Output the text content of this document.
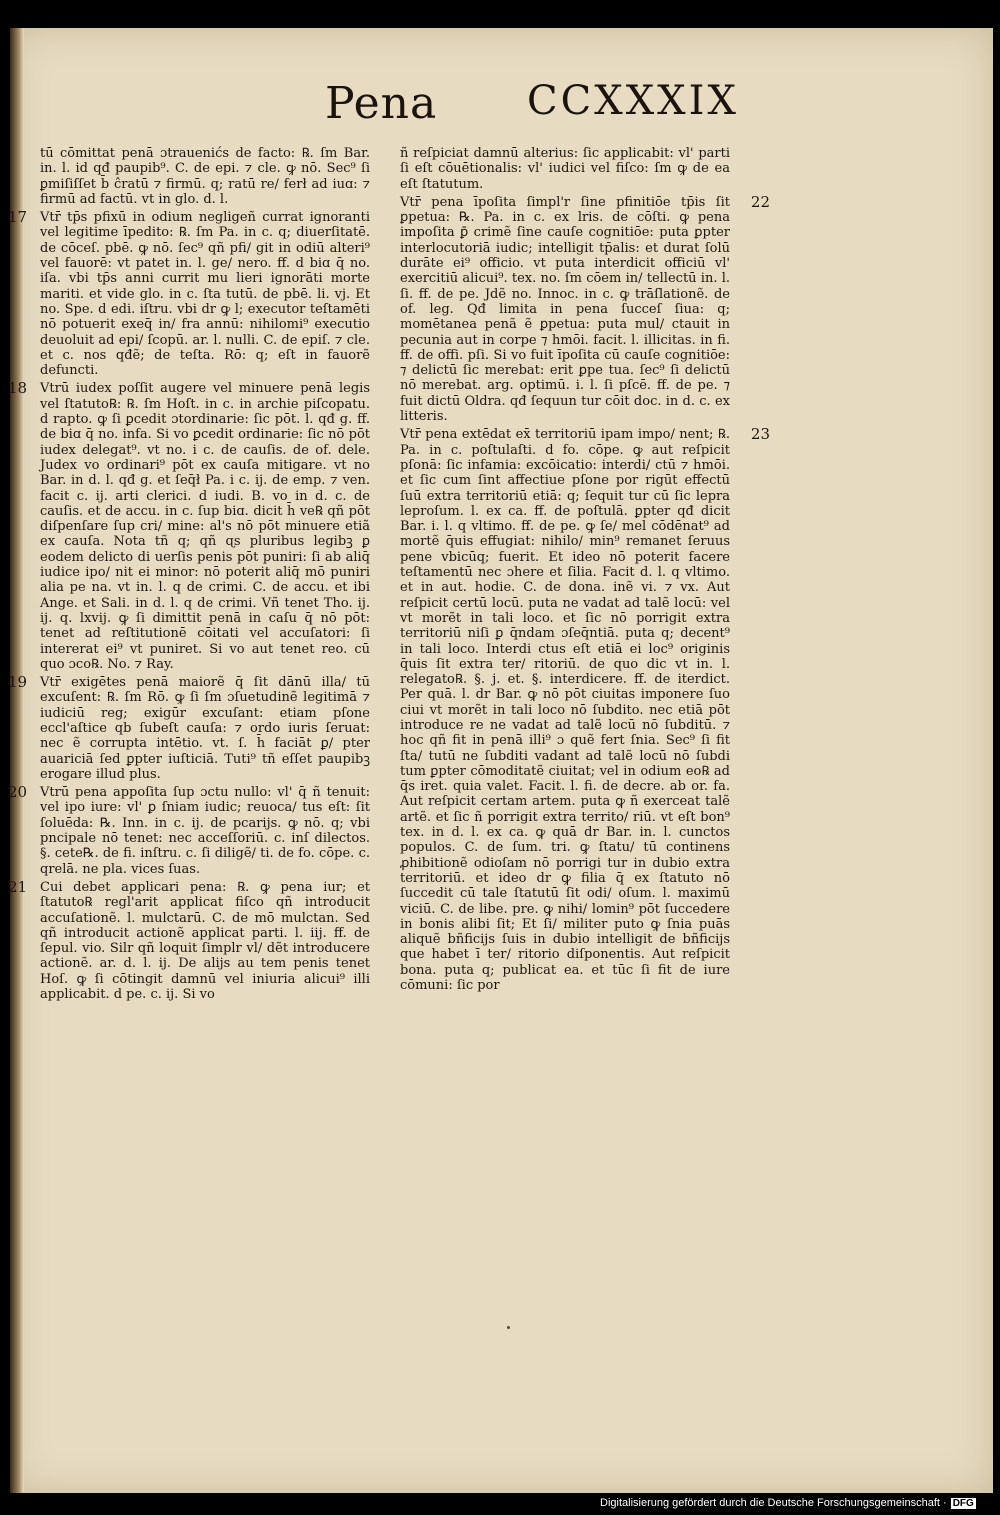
Pena CCXXXIX

tū cōmittat penā ɔtrauenićs de facto: ℞. ſm Bar. in. l. id qđ paupib⁹. C. de epi. ⁊ cle. ꝙ nō. Sec⁹ ſi ꝑmiſiſſet b̄ ĉratū ⁊ firmū. q; ratū re/ ferł ad iuɑ: ⁊ firmū ad factū. vt in glo. d. l.

17 Vtr̄ tp̄s pfixū in odium negligeñ currat ignoranti vel legitime īpedito: ℞. ſm Pa. in c. q; diuerſitatē. de cōceſ. pbē. ꝙ nō. ſec⁹ qñ pfi/ git in odiū alteri⁹ vel fauorē: vt patet in. l. ge/ nero. ff. d biɑ q̄ no. iſa. vbi tp̄s anni currit mu lieri ignorāti morte mariti. et vide glo. in c. ſta tutū. de pbē. li. vj. Et no. Spe. d edi. iſtru. vbi dr ꝙ l; executor teſtamēti nō potuerit exeq̄ in/ fra annū: nihilomi⁹ executio deuoluit ad epi/ ſcopū. ar. l. nulli. C. de epiſ. ⁊ cle. et c. nos qđẽ; de teſta. Rō: q; eſt in fauorẽ defuncti.

18 Vtrū iudex poſſit augere vel minuere penā legis vel ſtatuto℞: ℞. ſm Hoſt. in c. in archie piſcopatu. d rapto. ꝙ ſi ꝑcedit ɔtordinarie: ſic pōt. l. qđ g. ff. de biɑ q̄ no. infa. Si vo ꝑcedit ordinarie: ſic nō pōt iudex delegat⁹. vt no. i c. de cauſis. de of. dele. Judex vo ordinari⁹ pōt ex cauſa mitigare. vt no Bar. in d. l. qđ g. et ſeq̄ł Pa. i c. ij. de emp. ⁊ ven. facit c. ij. arti clerici. d iudi. B. vo in d. c. de cauſis. et de accu. in c. ſup biɑ. dicit h̄ ve℞ qñ pōt diſpenſare ſup cri/ mine: al's nō pōt minuere etiã ex cauſa. Nota tñ q; qñ ɋs pluribus legibꝫ ꝑ eodem delicto di uerſis penis pōt puniri: ſi ab aliq̄ iudice ipo/ nit ei minor: nō poterit aliq̄ mō puniri alia pe na. vt in. l. q de crimi. C. de accu. et ibi Ange. et Sali. in d. l. q de crimi. Vñ tenet Tho. ij. ij. q. lxvij. ꝙ ſi dimittit penā in caſu q̄ nō pōt: tenet ad reſtitutionē cōitati vel accuſatori: ſi intererat ei⁹ vt puniret. Si vo aut tenet reo. cū quo ɔco℞. No. ⁊ Ray.

19 Vtr̄ exigētes penā maiorẽ q̄ ſit dānū illa/ tū excuſent: ℞. ſm Rō. ꝙ ſi ſm ɔſuetudinẽ legitimā ⁊ iudiciū reg; exigūr excuſant: etiam pſone eccl'aſtice qb ſubeſt cauſa: ⁊ ordo iuris ſeruat: nec ẽ corrupta intētio. vt. ſ. h̄ faciāt ꝑ/ pter auariciā ſed ꝑpter iuſticiā. Tuti⁹ tñ eſſet paupibꝫ erogare illud plus.

20 Vtrū pena appoſita ſup ɔctu nullo: vl' q̄ ñ tenuit: vel ipo iure: vl' ꝑ ſniam iudic; reuoca/ tus eſt: ſit ſoluēda: ℞. Inn. in c. ij. de pcarijs. ꝙ nō. q; vbi pncipale nō tenet: nec acceſſoriū. c. inſ dilectos. §. cete℞. de fi. inſtru. c. ſi diligẽ/ ti. de fo. cōpe. c. qrelā. ne pla. vices ſuas.

21 Cui debet applicari pena: ℞. ꝙ pena iur; et ſtatuto℞ regl'arit applicat fiſco qñ introducit accuſationẽ. l. mulctarū. C. de mō mulctan. Sed qñ introducit actionẽ applicat parti. l. iij. ff. de ſepul. vio. Silr qñ loquit ſimplr vl/ dẽt introducere actionẽ. ar. d. l. ij. De alijs au tem penis tenet Hoſ. ꝙ ſi cōtingit damnū vel iniuria alicui⁹ illi applicabit. d pe. c. ij. Si vo

ñ reſpiciat damnū alterius: ſic applicabit: vl' parti ſi eſt cōuētionalis: vl' iudici vel fiſco: ſm ꝙ de ea eſt ſtatutum.

22
Vtr̄ pena īpoſita ſimpl'r ſine pfinitiōe tp̄is ſit ꝑpetua: ℞. Pa. in c. ex lris. de cōſti. ꝙ pena impoſita ꝑ̄ crimẽ ſine cauſe cognitiōe: puta ꝑpter interlocutoriā iudic; intelligit tp̄alis: et durat ſolū durāte ei⁹ officio. vt puta interdicit officiū vl' exercitiū alicui⁹. tex. no. ſm cōem in/ tellectū in. l. ſi. ff. de pe. Jdẽ no. Innoc. in c. ꝙ trāſlationẽ. de of. leg. Qđ limita in pena ſucceſ ſiua: q; momētanea penã ẽ ꝑpetua: puta mul/ ctauit in pecunia aut in corpe ⁊ hmōi. facit. l. illicitas. in fi. ff. de offi. pſi. Si vo fuit īpoſita cū cauſe cognitiōe: ⁊ delictū ſic merebat: erit ꝑpe tua. ſec⁹ ſi delictū nō merebat. arg. optimū. i. l. ſi pſcē. ff. de pe. ⁊ fuit dictū Oldra. qđ ſequun tur cōit doc. in d. c. ex litteris.

23
Vtr̄ pena extēdat ex̄ territoriū ipam impo/ nent; ℞. Pa. in c. poſtulaſti. d fo. cōpe. ꝙ aut reſpicit pſonā: ſic infamia: excōicatio: interdi/ ctū ⁊ hmōi. et ſic cum ſint affectiue pſone por rigūt effectū ſuū extra territoriū etiā: q; ſequit tur cū ſic lepra leproſum. l. ex ca. ff. de poſtulā. ꝑpter qđ dicit Bar. i. l. q vltimo. ff. de pe. ꝙ ſe/ mel cōdēnat⁹ ad mortẽ q̄uis effugiat: nihilo/ min⁹ remanet ſeruus pene vbicūq; fuerit. Et ideo nō poterit facere teſtamentū nec ɔhere et ſilia. Facit d. l. q vltimo. et in aut. hodie. C. de dona. inẽ vi. ⁊ vx. Aut reſpicit certū locū. puta ne vadat ad talẽ locū: vel vt morẽt in tali loco. et ſic nō porrigit extra territoriū niſi ꝑ q̄ndam ɔſeq̄ntiā. puta q; decent⁹ in tali loco. Interdi ctus eſt etiā ei loc⁹ originis q̄uis ſit extra ter/ ritoriū. de quo dic vt in. l. relegato℞. §. j. et. §. interdicere. ff. de iterdict. Per quā. l. dr Bar. ꝙ nō pōt ciuitas imponere ſuo ciui vt morẽt in tali loco nō ſubdito. nec etiā pōt introduce re ne vadat ad talẽ locū nō ſubditū. ⁊ hoc qñ fit in penā illi⁹ ɔ quẽ fert ſnia. Sec⁹ ſi fit ſta/ tutū ne ſubditi vadant ad talẽ locū nō ſubdi tum ꝑpter cōmoditatẽ ciuitat; vel in odium eo℞ ad q̄s iret. quia valet. Facit. l. fi. de decre. ab or. fa. Aut reſpicit certam artem. puta ꝙ ñ exerceat talẽ artẽ. et ſic ñ porrigit extra territo/ riū. vt eſt bon⁹ tex. in d. l. ex ca. ꝙ quā dr Bar. in. l. cunctos populos. C. de ſum. tri. ꝙ ſtatu/ tū continens ꝓhibitionẽ odioſam nō porrigi tur in dubio extra territoriū. et ideo dr ꝙ filia q̄ ex ſtatuto nō ſuccedit cū tale ſtatutū ſit odi/ oſum. l. maximū viciū. C. de libe. pre. ꝙ nihi/ lomin⁹ pōt ſuccedere in bonis alibi ſit; Et ſi/ militer puto ꝙ ſnia puās aliquẽ bñficijs ſuis in dubio intelligit de bñficijs que habet ī ter/ ritorio diſponentis. Aut reſpicit bona. puta q; publicat ea. et tūc ſi fit de iure cōmuni: ſic por

Digitalisierung gefördert durch die Deutsche Forschungsgemeinschaft · DFG
